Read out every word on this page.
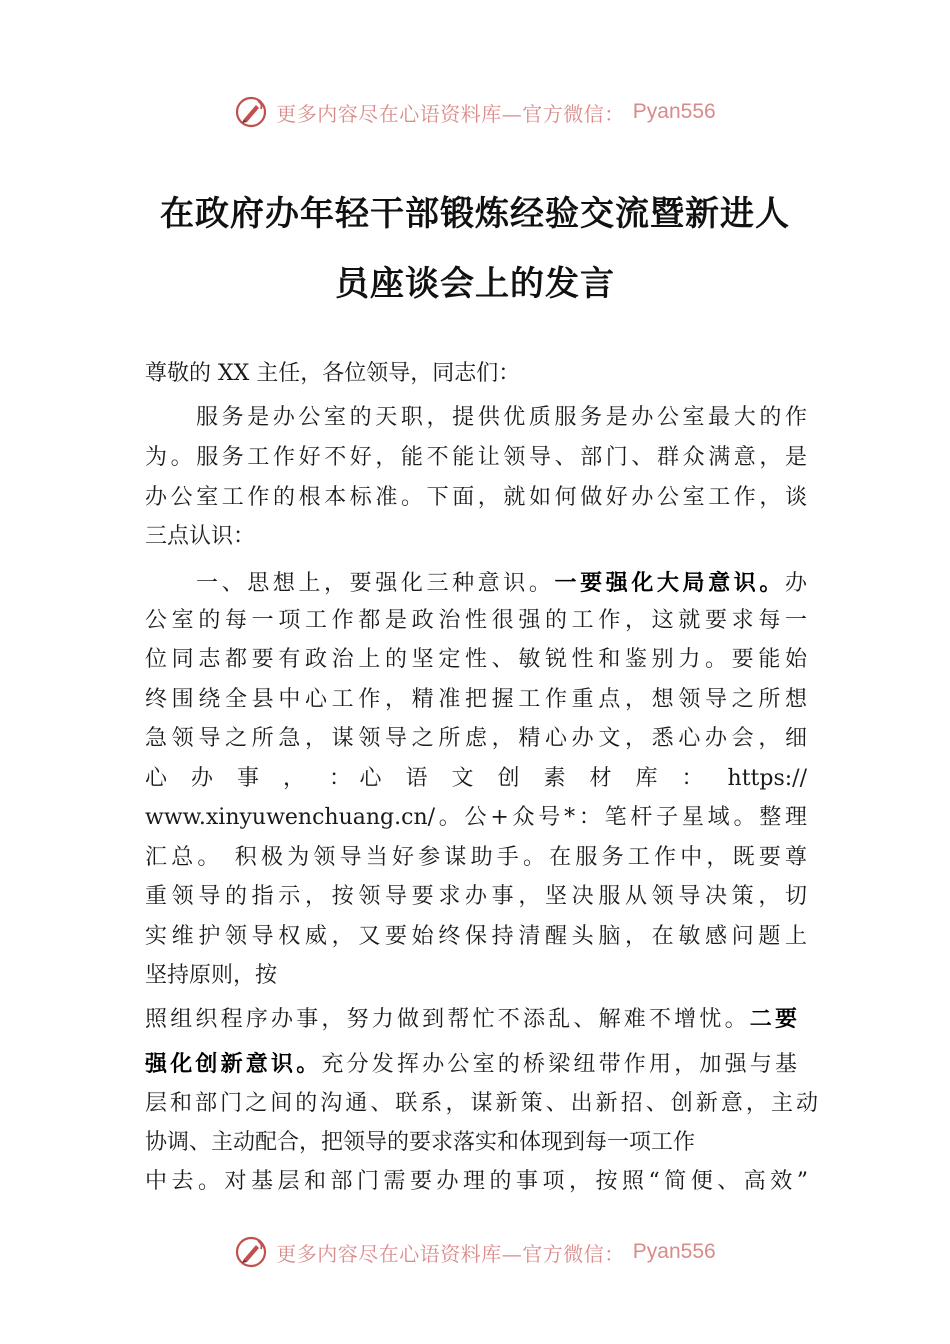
更多内容尽在心语资料库—官方微信： Pyan556
在政府办年轻干部锻炼经验交流暨新进人
员座谈会上的发言
尊敬的 XX 主任，各位领导，同志们：
服务是办公室的天职，提供优质服务是办公室最大的作
为。服务工作好不好，能不能让领导、部门、群众满意，是
办公室工作的根本标准。下面，就如何做好办公室工作，谈
三点认识：
一、思想上，要强化三种意识。一要强化大局意识。办
公室的每一项工作都是政治性很强的工作，这就要求每一
位同志都要有政治上的坚定性、敏锐性和鉴别力。要能始
终围绕全县中心工作，精准把握工作重点，想领导之所想
急领导之所急，谋领导之所虑，精心办文，悉心办会，细
心 办 事 ， ：心 语 文 创 素 材 库 ： https://
www.xinyuwenchuang.cn/。公+众号*：笔杆子星域。整理
汇总。 积极为领导当好参谋助手。在服务工作中，既要尊
重领导的指示，按领导要求办事，坚决服从领导决策，切
实维护领导权威，又要始终保持清醒头脑，在敏感问题上
坚持原则，按
照组织程序办事，努力做到帮忙不添乱、解难不增忧。二要
强化创新意识。充分发挥办公室的桥梁纽带作用，加强与基
层和部门之间的沟通、联系，谋新策、出新招、创新意，主动
协调、主动配合，把领导的要求落实和体现到每一项工作
中去。对基层和部门需要办理的事项，按照“简便、高效”
更多内容尽在心语资料库—官方微信： Pyan556
